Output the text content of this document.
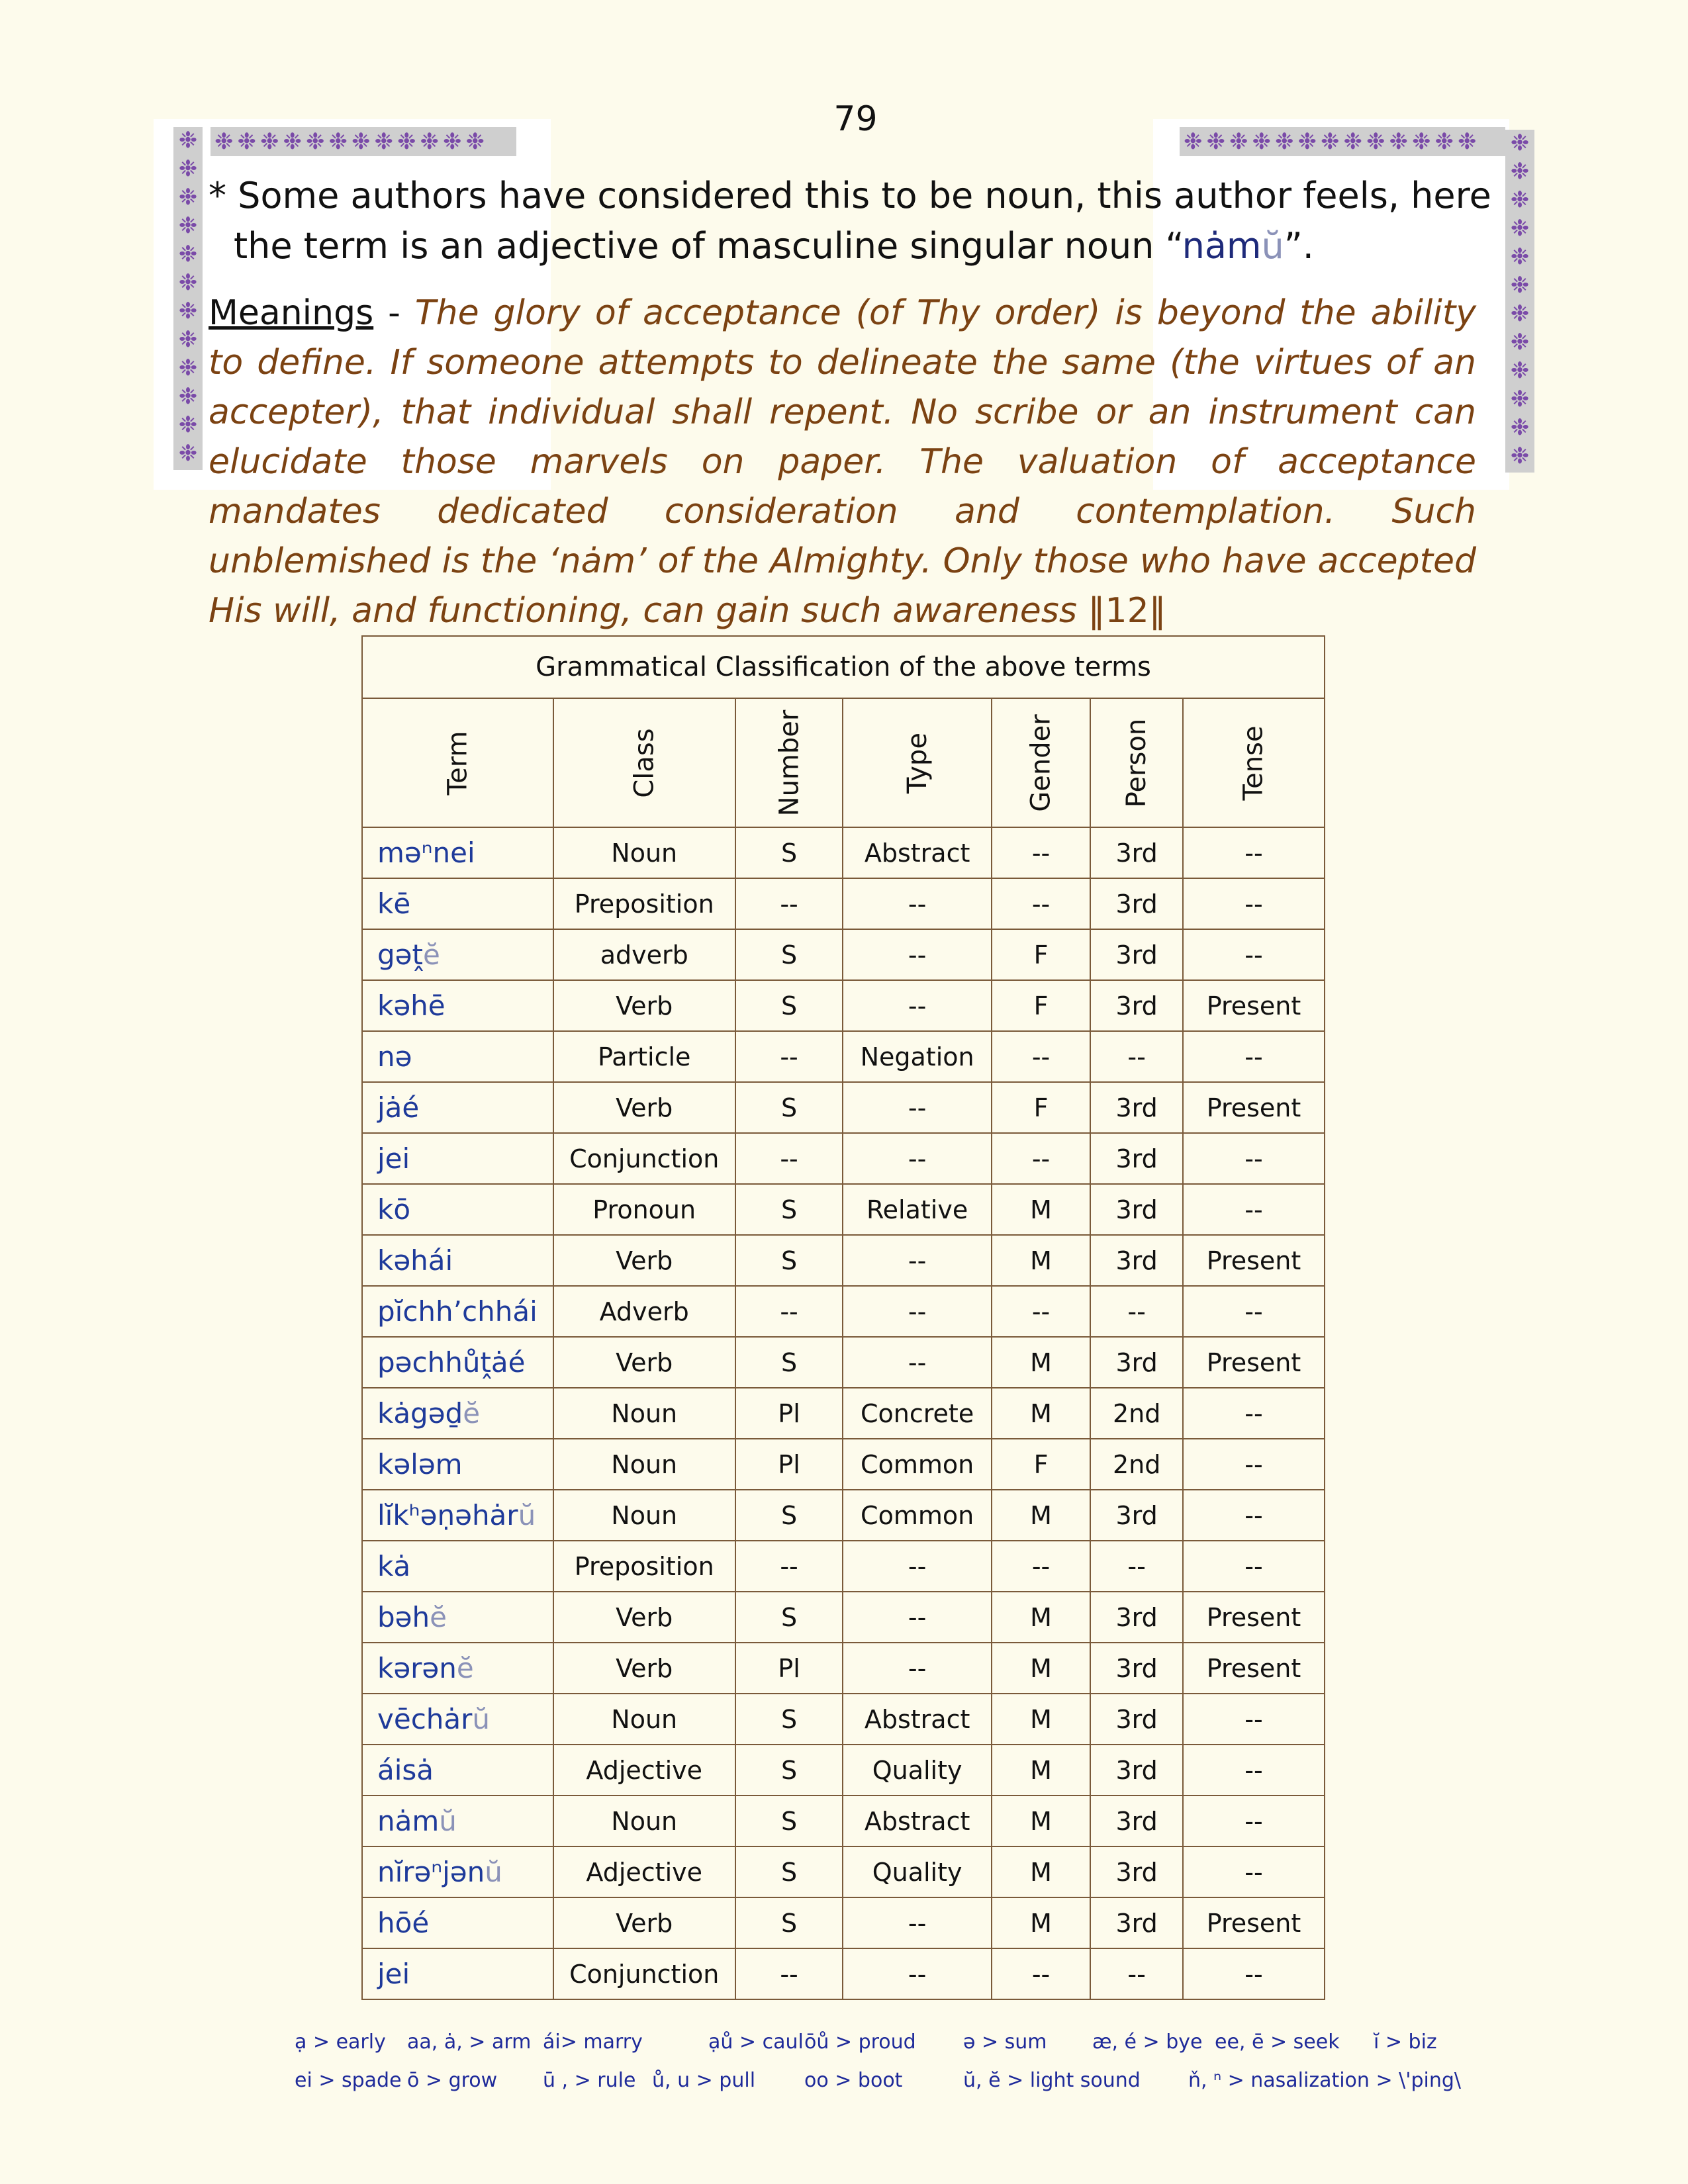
79
❉ ❉ ❉ ❉ ❉ ❉ ❉ ❉ ❉ ❉ ❉ ❉	❉ ❉ ❉ ❉ ❉ ❉ ❉ ❉ ❉ ❉ ❉ ❉ ❉
❉
❉
❉
❉
❉
❉
❉
❉
❉
❉
❉
❉
❉
❉
❉
❉
❉
❉
❉
❉
❉
❉
❉
❉
* Some authors have considered this to be noun, this author feels, here the term is an adjective of masculine singular noun “nȧmŭ”.
Meanings - The glory of acceptance (of Thy order) is beyond the ability to define. If someone attempts to delineate the same (the virtues of an accepter), that individual shall repent. No scribe or an instrument can elucidate those marvels on paper. The valuation of acceptance mandates dedicated consideration and contemplation. Such unblemished is the ‘nȧm’ of the Almighty. Only those who have accepted His will, and functioning, can gain such awareness ‖12‖
Grammatical Classification of the above terms						
Term	Class	Number	Type	Gender	Person	Tense
məⁿnei	Noun	S	Abstract	--	3rd	--
kē	Preposition	--	--	--	3rd	--
gəṱĕ	adverb	S	--	F	3rd	--
kəhē	Verb	S	--	F	3rd	Present
nə	Particle	--	Negation	--	--	--
jȧé	Verb	S	--	F	3rd	Present
jei	Conjunction	--	--	--	3rd	--
kō	Pronoun	S	Relative	M	3rd	--
kəhái	Verb	S	--	M	3rd	Present
pĭchh’chhái	Adverb	--	--	--	--	--
pəchhůṱȧé	Verb	S	--	M	3rd	Present
kȧgəḏĕ	Noun	Pl	Concrete	M	2nd	--
kələm	Noun	Pl	Common	F	2nd	--
lĭkʰəṇəhȧrŭ	Noun	S	Common	M	3rd	--
kȧ	Preposition	--	--	--	--	--
bəhĕ	Verb	S	--	M	3rd	Present
kərənĕ	Verb	Pl	--	M	3rd	Present
vēchȧrŭ	Noun	S	Abstract	M	3rd	--
áisȧ	Adjective	S	Quality	M	3rd	--
nȧmŭ	Noun	S	Abstract	M	3rd	--
nĭrəⁿjənŭ	Adjective	S	Quality	M	3rd	--
hōé	Verb	S	--	M	3rd	Present
jei	Conjunction	--	--	--	--	--
ạ > early aa, ȧ, > arm ái> marry	ạů > caul ōů > proud ə > sum æ, é > bye ee, ē > seek ĭ > biz
ei > spade ō > grow ū , > rule ů, u > pull oo > boot	ŭ, ĕ > light sound ň, ⁿ > nasalization > \'ping\
